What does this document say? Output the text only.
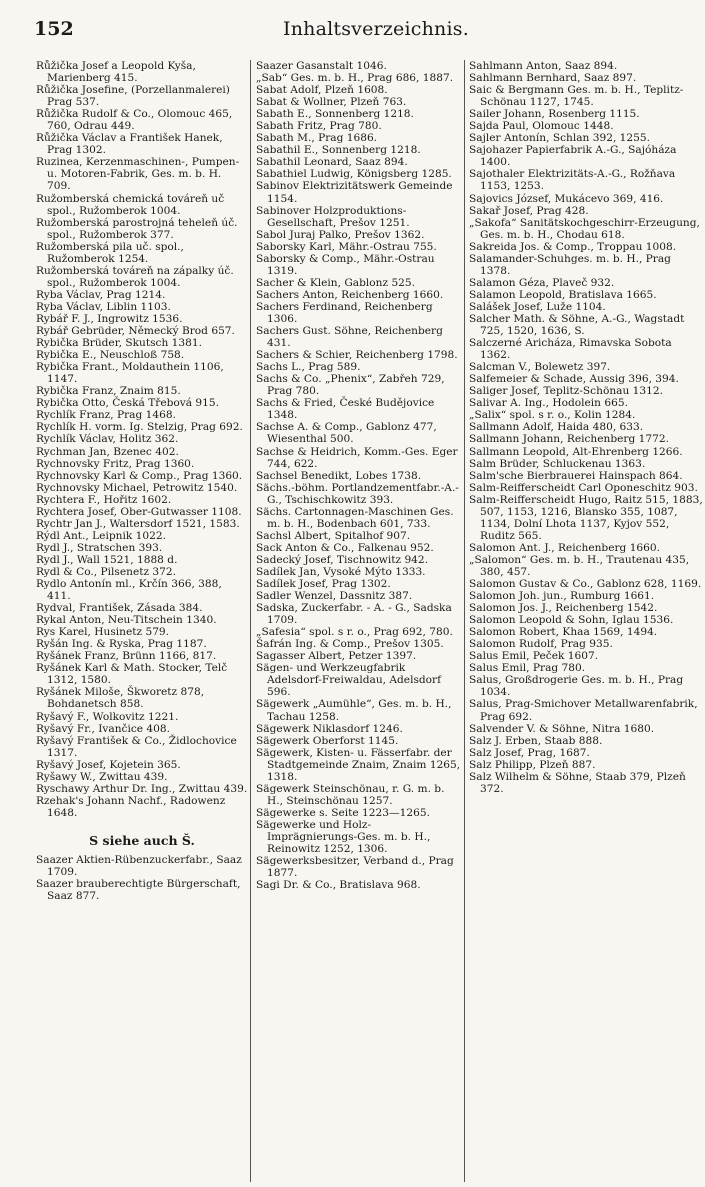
152	Inhaltsverzeichnis.

Růžička Josef a Leopold Kyša, Marienberg 415.

Růžička Josefine, (Porzellanmalerei) Prag 537.

Růžička Rudolf & Co., Olomouc 465, 760, Odrau 449.

Růžička Václav a František Hanek, Prag 1302.

Ruzinea, Kerzenmaschinen-, Pumpen- u. Motoren-Fabrik, Ges. m. b. H. 709.

Ružomberská chemická továreň uč spol., Ružomberok 1004.

Ružomberská parostrojná teheleň úč. spol., Ružomberok 377.

Ružomberská pila uč. spol., Ružomberok 1254.

Ružomberská továreň na zápalky úč. spol., Ružomberok 1004.

Ryba Václav, Prag 1214.

Ryba Václav, Liblin 1103.

Rybář F. J., Ingrowitz 1536.

Rybář Gebrüder, Německý Brod 657.

Rybička Brüder, Skutsch 1381.

Rybička E., Neuschloß 758.

Rybička Frant., Moldauthein 1106, 1147.

Rybička Franz, Znaim 815.

Rybička Otto, Česká Třebová 915.

Rychlík Franz, Prag 1468.

Rychlík H. vorm. Ig. Stelzig, Prag 692.

Rychlík Václav, Holitz 362.

Rychman Jan, Bzenec 402.

Rychnovsky Fritz, Prag 1360.

Rychnovsky Karl & Comp., Prag 1360.

Rychnovsky Michael, Petrowitz 1540.

Rychtera F., Hořitz 1602.

Rychtera Josef, Ober-Gutwasser 1108.

Rychtr Jan J., Waltersdorf 1521, 1583.

Rýdl Ant., Leipnik 1022.

Rydl J., Stratschen 393.

Rydl J., Wall 1521, 1888 d.

Rydl & Co., Pilsenetz 372.

Rydlo Antonín ml., Krčín 366, 388, 411.

Rydval, František, Zásada 384.

Rykal Anton, Neu-Titschein 1340.

Rys Karel, Husinetz 579.

Ryšán Ing. & Ryska, Prag 1187.

Ryšánek Franz, Brünn 1166, 817.

Ryšánek Karl & Math. Stocker, Telč 1312, 1580.

Ryšánek Miloše, Škworetz 878, Bohdanetsch 858.

Ryšavý F., Wolkovitz 1221.

Ryšavý Fr., Ivančice 408.

Ryšavý František & Co., Židlochovice 1317.

Ryšavý Josef, Kojetein 365.

Ryšawy W., Zwittau 439.

Ryschawy Arthur Dr. Ing., Zwittau 439.

Rzehak's Johann Nachf., Radowenz 1648.

S siehe auch Š.

Saazer Aktien-Rübenzuckerfabr., Saaz 1709.

Saazer brauberechtigte Bürgerschaft, Saaz 877.

Saazer Gasanstalt 1046.

„Sab“ Ges. m. b. H., Prag 686, 1887.

Sabat Adolf, Plzeň 1608.

Sabat & Wollner, Plzeň 763.

Sabath E., Sonnenberg 1218.

Sabath Fritz, Prag 780.

Sabath M., Prag 1686.

Sabathil E., Sonnenberg 1218.

Sabathil Leonard, Saaz 894.

Sabathiel Ludwig, Königsberg 1285.

Sabinov Elektrizitätswerk Gemeinde 1154.

Sabinover Holzproduktions-Gesellschaft, Prešov 1251.

Sabol Juraj Palko, Prešov 1362.

Saborsky Karl, Mähr.-Ostrau 755.

Saborsky & Comp., Mähr.-Ostrau 1319.

Sacher & Klein, Gablonz 525.

Sachers Anton, Reichenberg 1660.

Sachers Ferdinand, Reichenberg 1306.

Sachers Gust. Söhne, Reichenberg 431.

Sachers & Schier, Reichenberg 1798.

Sachs L., Prag 589.

Sachs & Co. „Phenix“, Zabřeh 729, Prag 780.

Sachs & Fried, České Budějovice 1348.

Sachse A. & Comp., Gablonz 477, Wiesenthal 500.

Sachse & Heidrich, Komm.-Ges. Eger 744, 622.

Sachsel Benedikt, Lobes 1738.

Sächs.-böhm. Portlandzementfabr.-A.-G., Tschischkowitz 393.

Sächs. Cartonnagen-Maschinen Ges. m. b. H., Bodenbach 601, 733.

Sachsl Albert, Spitalhof 907.

Sack Anton & Co., Falkenau 952.

Sadecký Josef, Tischnowitz 942.

Sadílek Jan, Vysoké Mýto 1333.

Sadílek Josef, Prag 1302.

Sadler Wenzel, Dassnitz 387.

Sadska, Zuckerfabr. - A. - G., Sadska 1709.

„Safesia“ spol. s r. o., Prag 692, 780.

Šafrán Ing. & Comp., Prešov 1305.

Sagasser Albert, Petzer 1397.

Sägen- und Werkzeugfabrik Adelsdorf-Freiwaldau, Adelsdorf 596.

Sägewerk „Aumühle“, Ges. m. b. H., Tachau 1258.

Sägewerk Niklasdorf 1246.

Sägewerk Oberforst 1145.

Sägewerk, Kisten- u. Fässerfabr. der Stadtgemeinde Znaim, Znaim 1265, 1318.

Sägewerk Steinschönau, r. G. m. b. H., Steinschönau 1257.

Sägewerke s. Seite 1223—1265.

Sägewerke und Holz-Imprägnierungs-Ges. m. b. H., Reinowitz 1252, 1306.

Sägewerksbesitzer, Verband d., Prag 1877.

Sagi Dr. & Co., Bratislava 968.

Sahlmann Anton, Saaz 894.

Sahlmann Bernhard, Saaz 897.

Saic & Bergmann Ges. m. b. H., Teplitz-Schönau 1127, 1745.

Sailer Johann, Rosenberg 1115.

Sajda Paul, Olomouc 1448.

Sajler Antonín, Schlan 392, 1255.

Sajohazer Papierfabrik A.-G., Sajóháza 1400.

Sajothaler Elektrizitäts-A.-G., Rožňava 1153, 1253.

Sajovics József, Mukácevo 369, 416.

Sakař Josef, Prag 428.

„Sakofa“ Sanitätskochgeschirr-Erzeugung, Ges. m. b. H., Chodau 618.

Sakreida Jos. & Comp., Troppau 1008.

Salamander-Schuhges. m. b. H., Prag 1378.

Salamon Géza, Plaveč 932.

Salamon Leopold, Bratislava 1665.

Salášek Josef, Luže 1104.

Salcher Math. & Söhne, A.-G., Wagstadt 725, 1520, 1636, S.

Salczerné Aricháza, Rimavska Sobota 1362.

Salcman V., Bolewetz 397.

Salfemeier & Schade, Aussig 396, 394.

Saliger Josef, Teplitz-Schönau 1312.

Salivar A. Ing., Hodolein 665.

„Salix“ spol. s r. o., Kolin 1284.

Sallmann Adolf, Haida 480, 633.

Sallmann Johann, Reichenberg 1772.

Sallmann Leopold, Alt-Ehrenberg 1266.

Salm Brüder, Schluckenau 1363.

Salm'sche Bierbrauerei Hainspach 864.

Salm-Reifferscheidt Carl Oponeschitz 903.

Salm-Reifferscheidt Hugo, Raitz 515, 1883, 507, 1153, 1216, Blansko 355, 1087, 1134, Dolní Lhota 1137, Kyjov 552, Ruditz 565.

Salomon Ant. J., Reichenberg 1660.

„Salomon“ Ges. m. b. H., Trautenau 435, 380, 457.

Salomon Gustav & Co., Gablonz 628, 1169.

Salomon Joh. jun., Rumburg 1661.

Salomon Jos. J., Reichenberg 1542.

Salomon Leopold & Sohn, Iglau 1536.

Salomon Robert, Khaa 1569, 1494.

Salomon Rudolf, Prag 935.

Salus Emil, Peček 1607.

Salus Emil, Prag 780.

Salus, Großdrogerie Ges. m. b. H., Prag 1034.

Salus, Prag-Smichover Metallwarenfabrik, Prag 692.

Salvender V. & Söhne, Nitra 1680.

Salz J. Erben, Staab 888.

Salz Josef, Prag, 1687.

Salz Philipp, Plzeň 887.

Salz Wilhelm & Söhne, Staab 379, Plzeň 372.
